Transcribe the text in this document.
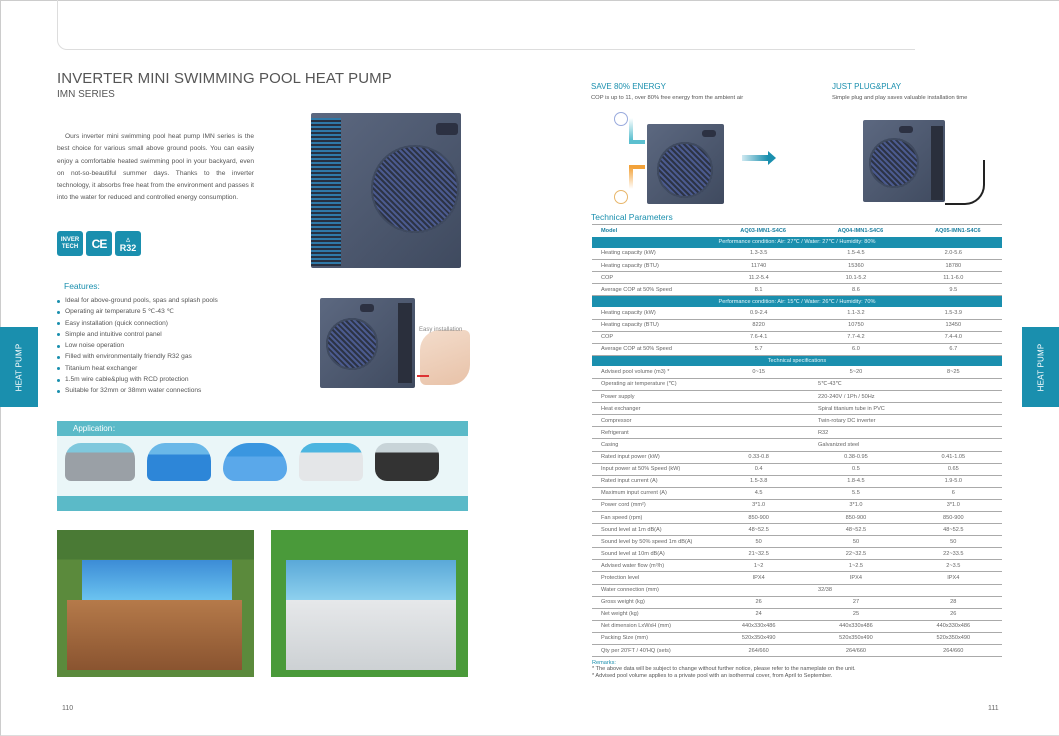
HEAT PUMP	HEAT PUMP
INVERTER MINI SWIMMING POOL HEAT PUMP
IMN SERIES

Ours inverter mini swimming pool heat pump IMN series is the best choice for various small above ground pools. You can easily enjoy a comfortable heated swimming pool in your backyard, even on not-so-beautiful summer days. Thanks to the inverter technology, it absorbs free heat from the environment and passes it into the water for reduced and controlled energy consumption.

INVER
TECH	CE	△
R32
Features:
Ideal for above-ground pools, spas and splash pools
Operating air temperature 5 ℃-43 ℃
Easy installation (quick connection)
Simple and intuitive control panel
Low noise operation
Filled with environmentally friendly R32 gas
Titanium heat exchanger
1.5m wire cable&plug with RCD protection
Suitable for 32mm or 38mm water connections
Easy installation
Application：
110	111
SAVE 80% ENERGY
COP is up to 11, over 80% free energy from the ambient air
JUST PLUG&PLAY
Simple plug and play saves valuable installation time
Technical Parameters
Model	AQ03-IMN1-S4C6	AQ04-IMN1-S4C6	AQ05-IMN1-S4C6
Performance condition: Air: 27℃ / Water: 27℃ / Humidity: 80%			
Heating capacity (kW)	1.3-3.5	1.5-4.5	2.0-5.6
Heating capacity (BTU)	11740	15360	18780
COP	11.2-5.4	10.1-5.2	11.1-6.0
Average COP at 50% Speed	8.1	8.6	9.5
Performance condition: Air: 15℃ / Water: 26℃ / Humidity: 70%			
Heating capacity (kW)	0.9-2.4	1.1-3.2	1.5-3.9
Heating capacity (BTU)	8220	10750	13450
COP	7.6-4.1	7.7-4.2	7.4-4.0
Average COP at 50% Speed	5.7	6.0	6.7
Technical specifications			
Advised pool volume (m3) *	0~15	5~20	8~25
Operating air temperature (℃)	5℃-43℃		
Power supply	220-240V / 1Ph / 50Hz		
Heat exchanger	Spiral titanium tube in PVC		
Compressor	Twin-rotary DC inverter		
Refrigerant	R32		
Casing	Galvanized steel		
Rated input power (kW)	0.33-0.8	0.38-0.95	0.41-1.05
Input power at 50% Speed (kW)	0.4	0.5	0.65
Rated input current (A)	1.5-3.8	1.8-4.5	1.9-5.0
Maximum input current (A)	4.5	5.5	6
Power cord (mm²)	3*1.0	3*1.0	3*1.0
Fan speed (rpm)	850-900	850-900	850-900
Sound level at 1m dB(A)	48~52.5	48~52.5	48~52.5
Sound level by 50% speed 1m dB(A)	50	50	50
Sound level at 10m dB(A)	21~32.5	22~32.5	22~33.5
Advised water flow (m³/h)	1~2	1~2.5	2~3.5
Protection level	IPX4	IPX4	IPX4
Water connection (mm)	32/38		
Gross weight (kg)	26	27	28
Net weight (kg)	24	25	26
Net dimension LxWxH (mm)	440x330x486	440x330x486	440x330x486
Packing Size (mm)	520x350x490	520x350x490	520x350x490
Qty per 20'FT / 40'HQ (sets)	264/660	264/660	264/660
Remarks:
* The above data will be subject to change without further notice, please refer to the nameplate on the unit.
* Advised pool volume applies to a private pool with an isothermal cover, from April to September.
